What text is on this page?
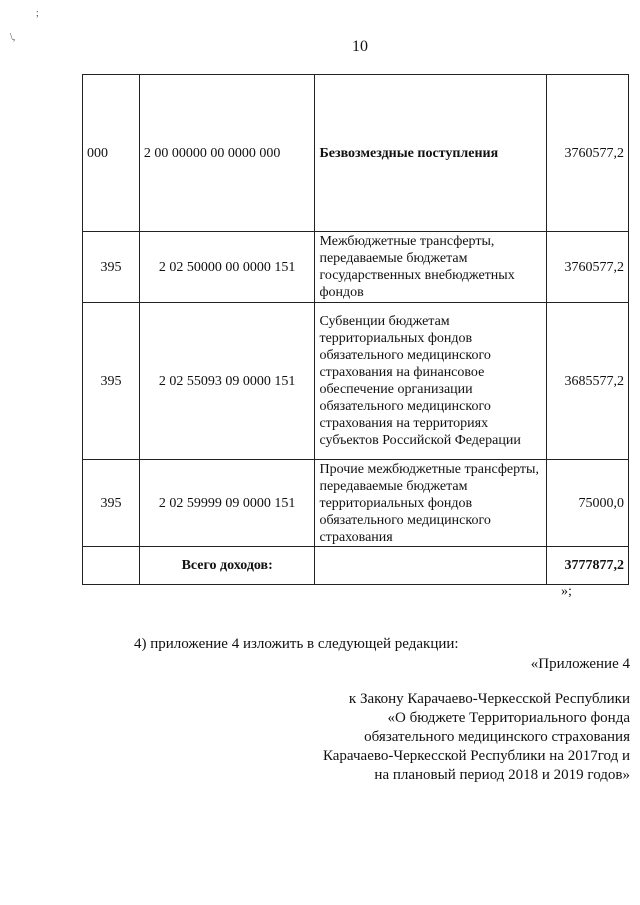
;
\,
10
000	2 00 00000 00 0000 000	Безвозмездные поступления	3760577,2
395	2 02 50000 00 0000 151	Межбюджетные трансферты, передаваемые бюджетам государственных внебюджетных фондов	3760577,2
395	2 02 55093 09 0000 151	Субвенции бюджетам территориальных фондов обязательного медицинского страхования на финансовое обеспечение организации обязательного медицинского страхования на территориях субъектов Российской Федерации	3685577,2
395	2 02 59999 09 0000 151	Прочие межбюджетные трансферты, передаваемые бюджетам территориальных фондов обязательного медицинского страхования	75000,0
	Всего доходов:		3777877,2
»;
4) приложение 4 изложить в следующей редакции:
«Приложение 4
к Закону Карачаево-Черкесской Республики
«О бюджете Территориального фонда
обязательного медицинского страхования
Карачаево-Черкесской Республики на 2017год и
на плановый период 2018 и 2019 годов»
